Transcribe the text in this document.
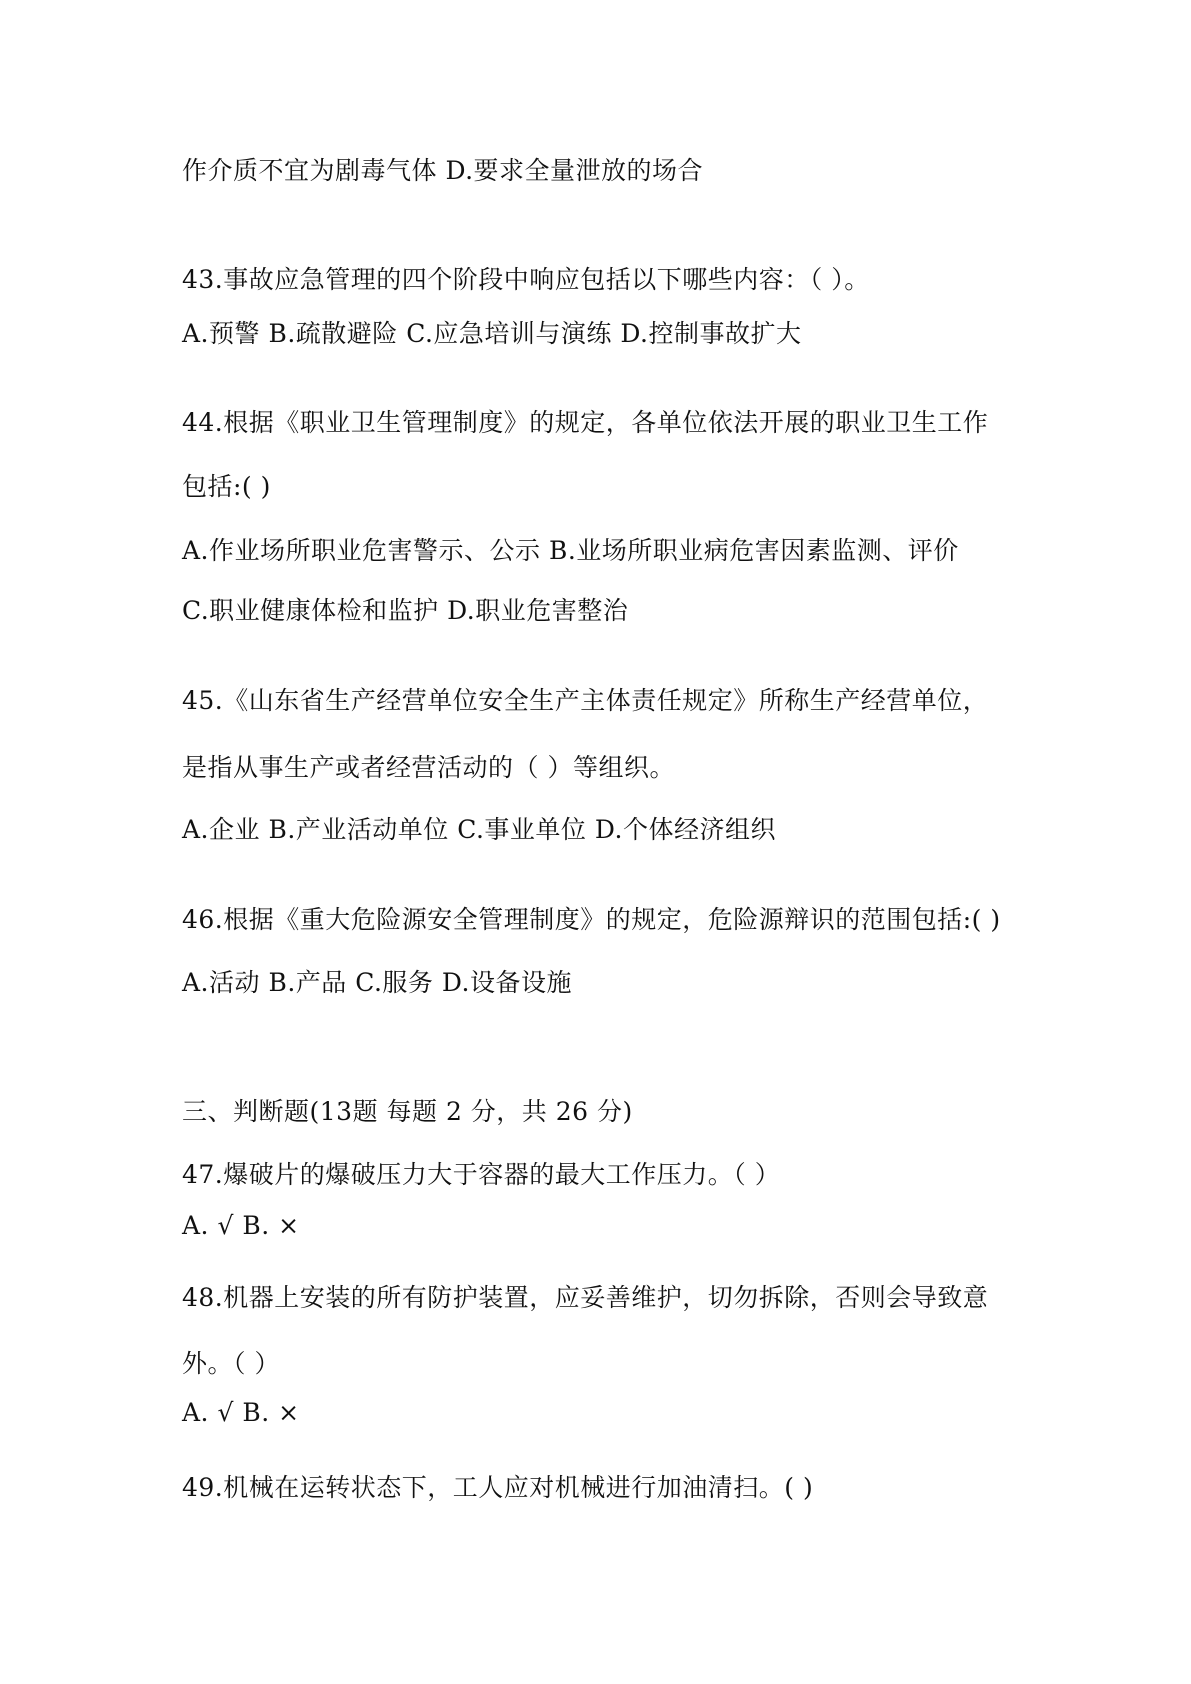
作介质不宜为剧毒气体 D.要求全量泄放的场合
43.事故应急管理的四个阶段中响应包括以下哪些内容：（ ）。
A.预警 B.疏散避险 C.应急培训与演练 D.控制事故扩大
44.根据《职业卫生管理制度》的规定，各单位依法开展的职业卫生工作
包括:( )
A.作业场所职业危害警示、公示 B.业场所职业病危害因素监测、评价
C.职业健康体检和监护 D.职业危害整治
45.《山东省生产经营单位安全生产主体责任规定》所称生产经营单位，
是指从事生产或者经营活动的（ ）等组织。
A.企业 B.产业活动单位 C.事业单位 D.个体经济组织
46.根据《重大危险源安全管理制度》的规定，危险源辩识的范围包括:( )
A.活动 B.产品 C.服务 D.设备设施
三、判断题(13题 每题 2 分，共 26 分)
47.爆破片的爆破压力大于容器的最大工作压力。（ ）
A. √ B. ×
48.机器上安装的所有防护装置，应妥善维护，切勿拆除，否则会导致意
外。（ ）
A. √ B. ×
49.机械在运转状态下，工人应对机械进行加油清扫。( )
